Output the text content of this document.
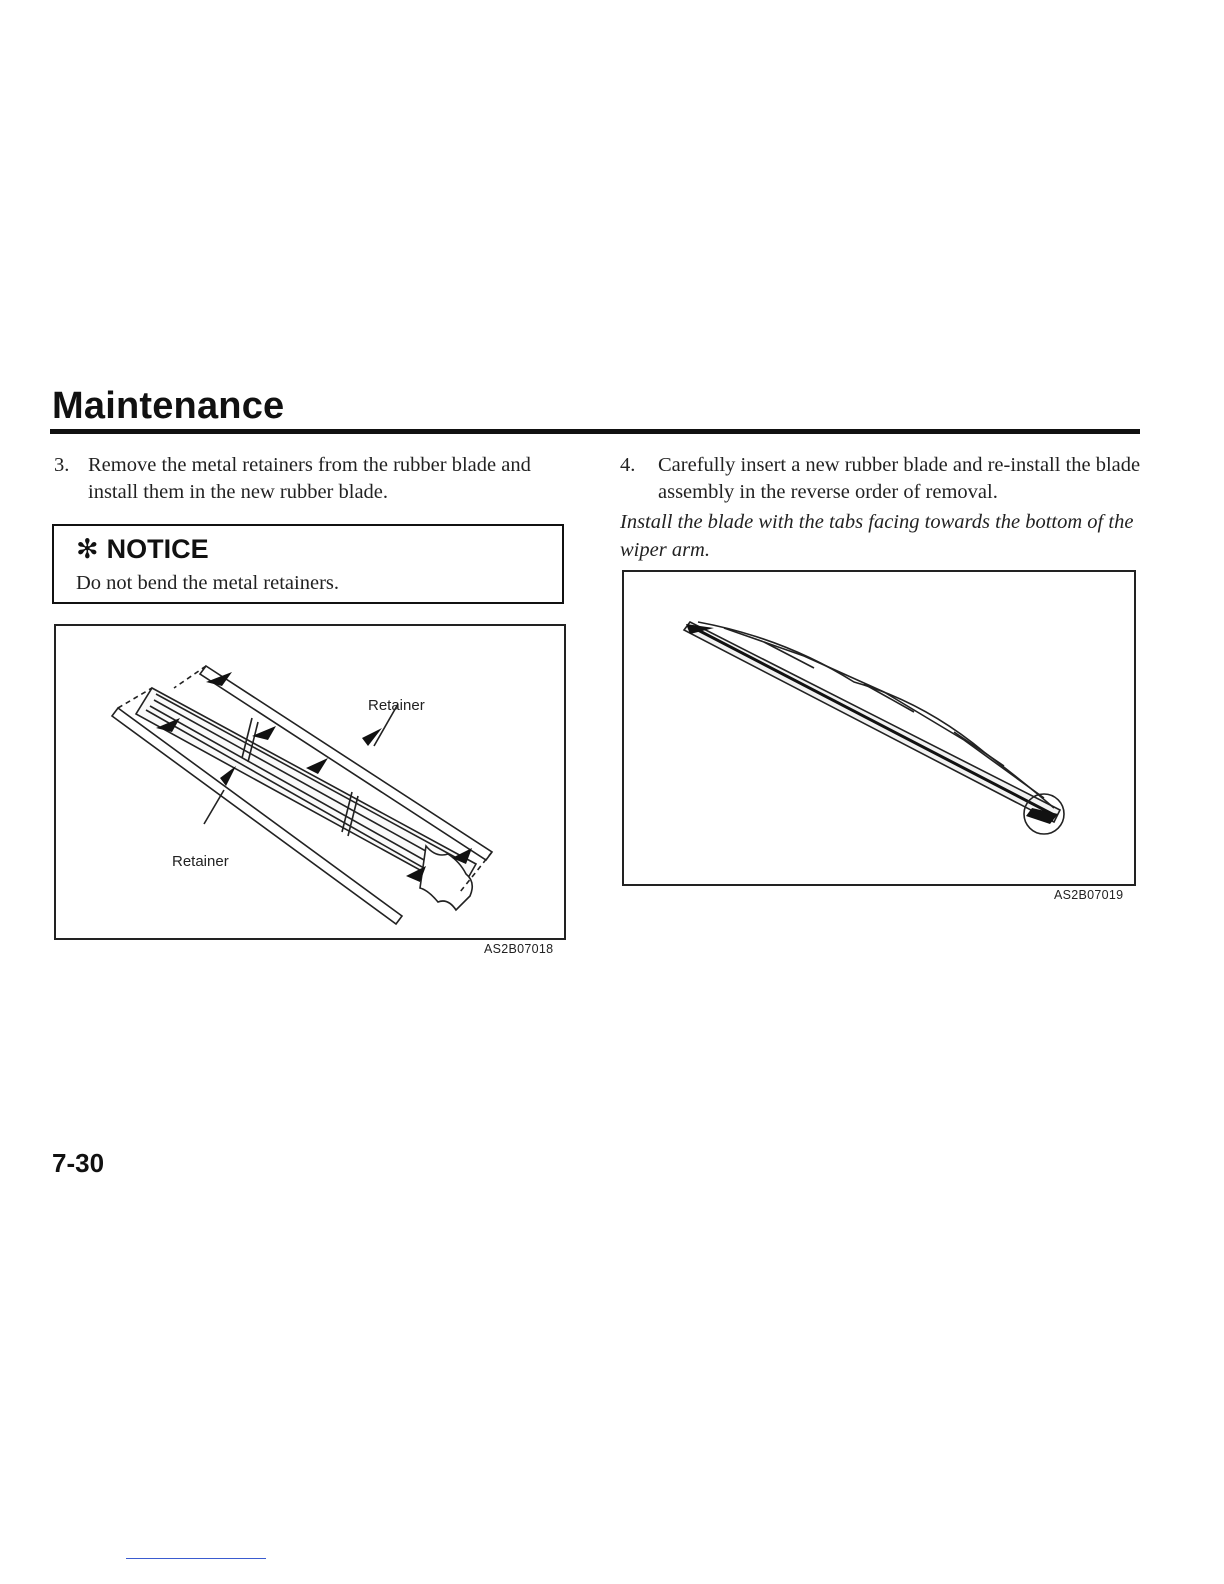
Maintenance
3. Remove the metal retainers from the rubber blade and install them in the new rubber blade.
✻ NOTICE
Do not bend the metal retainers.
Retainer
Retainer
AS2B07018
4. Carefully insert a new rubber blade and re-install the blade assembly in the reverse order of removal.
Install the blade with the tabs facing towards the bottom of the wiper arm.
AS2B07019
7-30
